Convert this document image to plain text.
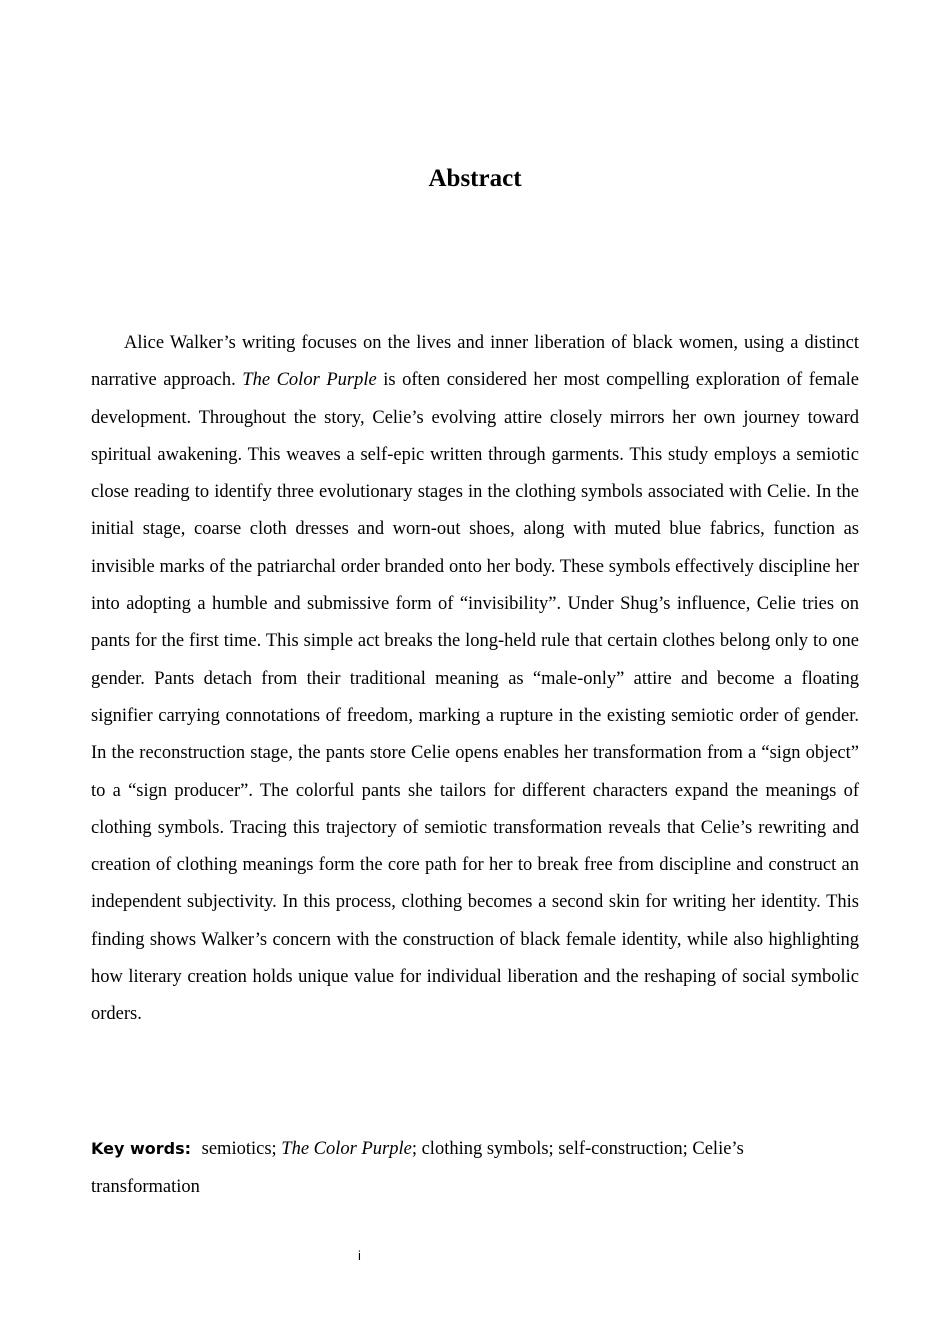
Abstract

Alice Walker’s writing focuses on the lives and inner liberation of black women, using a distinct narrative approach. The Color Purple is often considered her most compelling exploration of female development. Throughout the story, Celie’s evolving attire closely mirrors her own journey toward spiritual awakening. This weaves a self-epic written through garments. This study employs a semiotic close reading to identify three evolutionary stages in the clothing symbols associated with Celie. In the initial stage, coarse cloth dresses and worn-out shoes, along with muted blue fabrics, function as invisible marks of the patriarchal order branded onto her body. These symbols effectively discipline her into adopting a humble and submissive form of “invisibility”. Under Shug’s influence, Celie tries on pants for the first time. This simple act breaks the long-held rule that certain clothes belong only to one gender. Pants detach from their traditional meaning as “male-only” attire and become a floating signifier carrying connotations of freedom, marking a rupture in the existing semiotic order of gender. In the reconstruction stage, the pants store Celie opens enables her transformation from a “sign object” to a “sign producer”. The colorful pants she tailors for different characters expand the meanings of clothing symbols. Tracing this trajectory of semiotic transformation reveals that Celie’s rewriting and creation of clothing meanings form the core path for her to break free from discipline and construct an independent subjectivity. In this process, clothing becomes a second skin for writing her identity. This finding shows Walker’s concern with the construction of black female identity, while also highlighting how literary creation holds unique value for individual liberation and the reshaping of social symbolic orders.

Key words: semiotics; The Color Purple; clothing symbols; self-construction; Celie’s transformation

i
